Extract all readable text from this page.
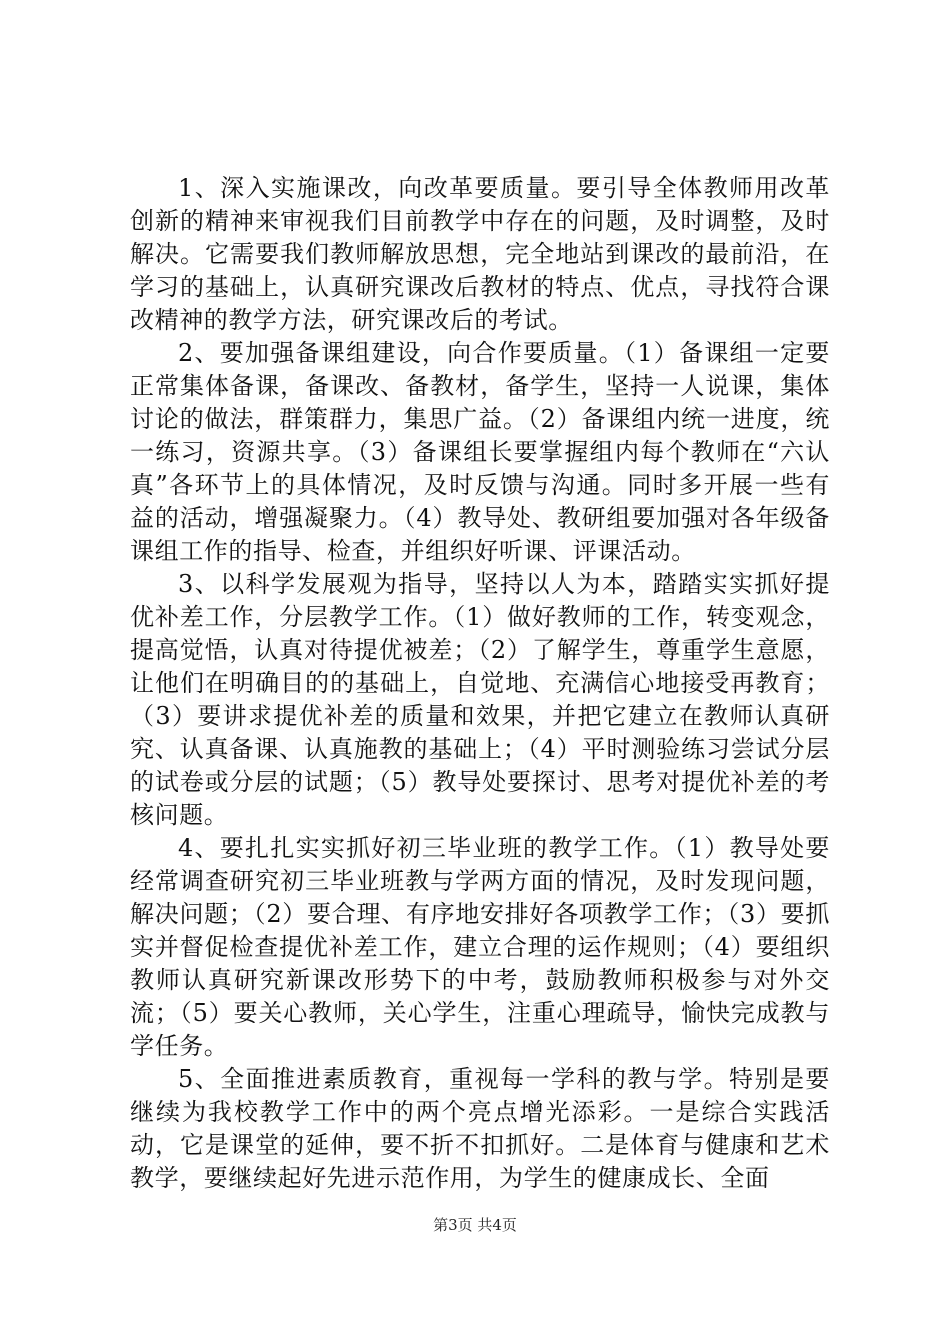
1、深入实施课改，向改革要质量。要引导全体教师用改革创新的精神来审视我们目前教学中存在的问题，及时调整，及时解决。它需要我们教师解放思想，完全地站到课改的最前沿，在学习的基础上，认真研究课改后教材的特点、优点，寻找符合课改精神的教学方法，研究课改后的考试。

2、要加强备课组建设，向合作要质量。（1）备课组一定要正常集体备课，备课改、备教材，备学生，坚持一人说课，集体讨论的做法，群策群力，集思广益。（2）备课组内统一进度，统一练习，资源共享。（3）备课组长要掌握组内每个教师在“六认真”各环节上的具体情况，及时反馈与沟通。同时多开展一些有益的活动，增强凝聚力。（4）教导处、教研组要加强对各年级备课组工作的指导、检查，并组织好听课、评课活动。

3、以科学发展观为指导，坚持以人为本，踏踏实实抓好提优补差工作，分层教学工作。（1）做好教师的工作，转变观念，提高觉悟，认真对待提优被差；（2）了解学生，尊重学生意愿，让他们在明确目的的基础上，自觉地、充满信心地接受再教育；（3）要讲求提优补差的质量和效果，并把它建立在教师认真研究、认真备课、认真施教的基础上；（4）平时测验练习尝试分层的试卷或分层的试题；（5）教导处要探讨、思考对提优补差的考核问题。

4、要扎扎实实抓好初三毕业班的教学工作。（1）教导处要经常调查研究初三毕业班教与学两方面的情况，及时发现问题，解决问题；（2）要合理、有序地安排好各项教学工作；（3）要抓实并督促检查提优补差工作，建立合理的运作规则；（4）要组织教师认真研究新课改形势下的中考，鼓励教师积极参与对外交流；（5）要关心教师，关心学生，注重心理疏导，愉快完成教与学任务。

5、全面推进素质教育，重视每一学科的教与学。特别是要继续为我校教学工作中的两个亮点增光添彩。一是综合实践活动，它是课堂的延伸，要不折不扣抓好。二是体育与健康和艺术教学，要继续起好先进示范作用，为学生的健康成长、全面

第3页 共4页
